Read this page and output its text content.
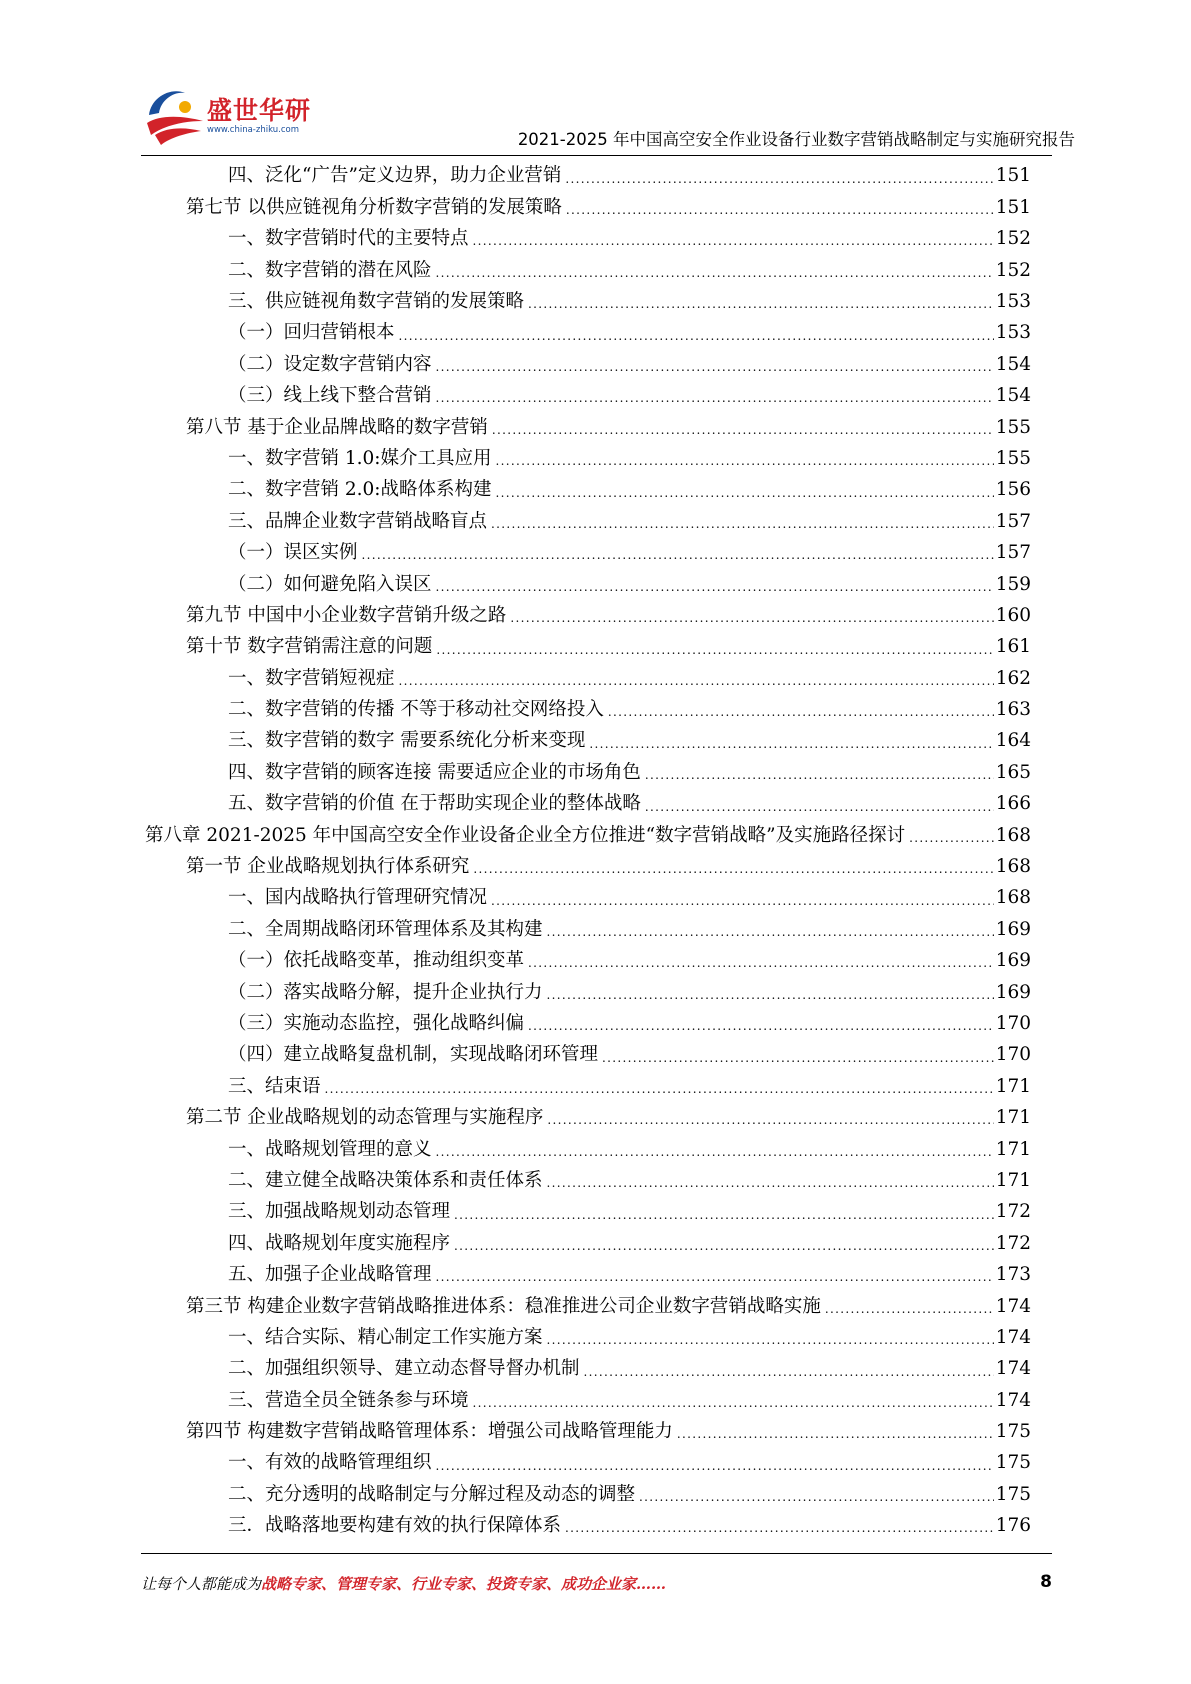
盛世华研
www.china-zhiku.com	2021-2025 年中国高空安全作业设备行业数字营销战略制定与实施研究报告
四、泛化“广告”定义边界，助力企业营销 .....	151
第七节 以供应链视角分析数字营销的发展策略 .....	151
一、数字营销时代的主要特点 .....	152
二、数字营销的潜在风险 .....	152
三、供应链视角数字营销的发展策略 .....	153
（一）回归营销根本 .....	153
（二）设定数字营销内容 .....	154
（三）线上线下整合营销 .....	154
第八节 基于企业品牌战略的数字营销 .....	155
一、数字营销 1.0:媒介工具应用 .....	155
二、数字营销 2.0:战略体系构建 .....	156
三、品牌企业数字营销战略盲点 .....	157
（一）误区实例 .....	157
（二）如何避免陷入误区 .....	159
第九节 中国中小企业数字营销升级之路 .....	160
第十节 数字营销需注意的问题 .....	161
一、数字营销短视症 .....	162
二、数字营销的传播 不等于移动社交网络投入 .....	163
三、数字营销的数字 需要系统化分析来变现 .....	164
四、数字营销的顾客连接 需要适应企业的市场角色 .....	165
五、数字营销的价值 在于帮助实现企业的整体战略 .....	166
第八章 2021-2025 年中国高空安全作业设备企业全方位推进“数字营销战略”及实施路径探讨 .....	168
第一节 企业战略规划执行体系研究 .....	168
一、国内战略执行管理研究情况 .....	168
二、全周期战略闭环管理体系及其构建 .....	169
（一）依托战略变革，推动组织变革 .....	169
（二）落实战略分解，提升企业执行力 .....	169
（三）实施动态监控，强化战略纠偏 .....	170
（四）建立战略复盘机制，实现战略闭环管理 .....	170
三、结束语 .....	171
第二节 企业战略规划的动态管理与实施程序 .....	171
一、战略规划管理的意义 .....	171
二、建立健全战略决策体系和责任体系 .....	171
三、加强战略规划动态管理 .....	172
四、战略规划年度实施程序 .....	172
五、加强子企业战略管理 .....	173
第三节 构建企业数字营销战略推进体系：稳准推进公司企业数字营销战略实施 .....	174
一、结合实际、精心制定工作实施方案 .....	174
二、加强组织领导、建立动态督导督办机制 .....	174
三、营造全员全链条参与环境 .....	174
第四节 构建数字营销战略管理体系：增强公司战略管理能力 .....	175
一、有效的战略管理组织 .....	175
二、充分透明的战略制定与分解过程及动态的调整 .....	175
三．战略落地要构建有效的执行保障体系 .....	176
让每个人都能成为战略专家、管理专家、行业专家、投资专家、成功企业家……	8
